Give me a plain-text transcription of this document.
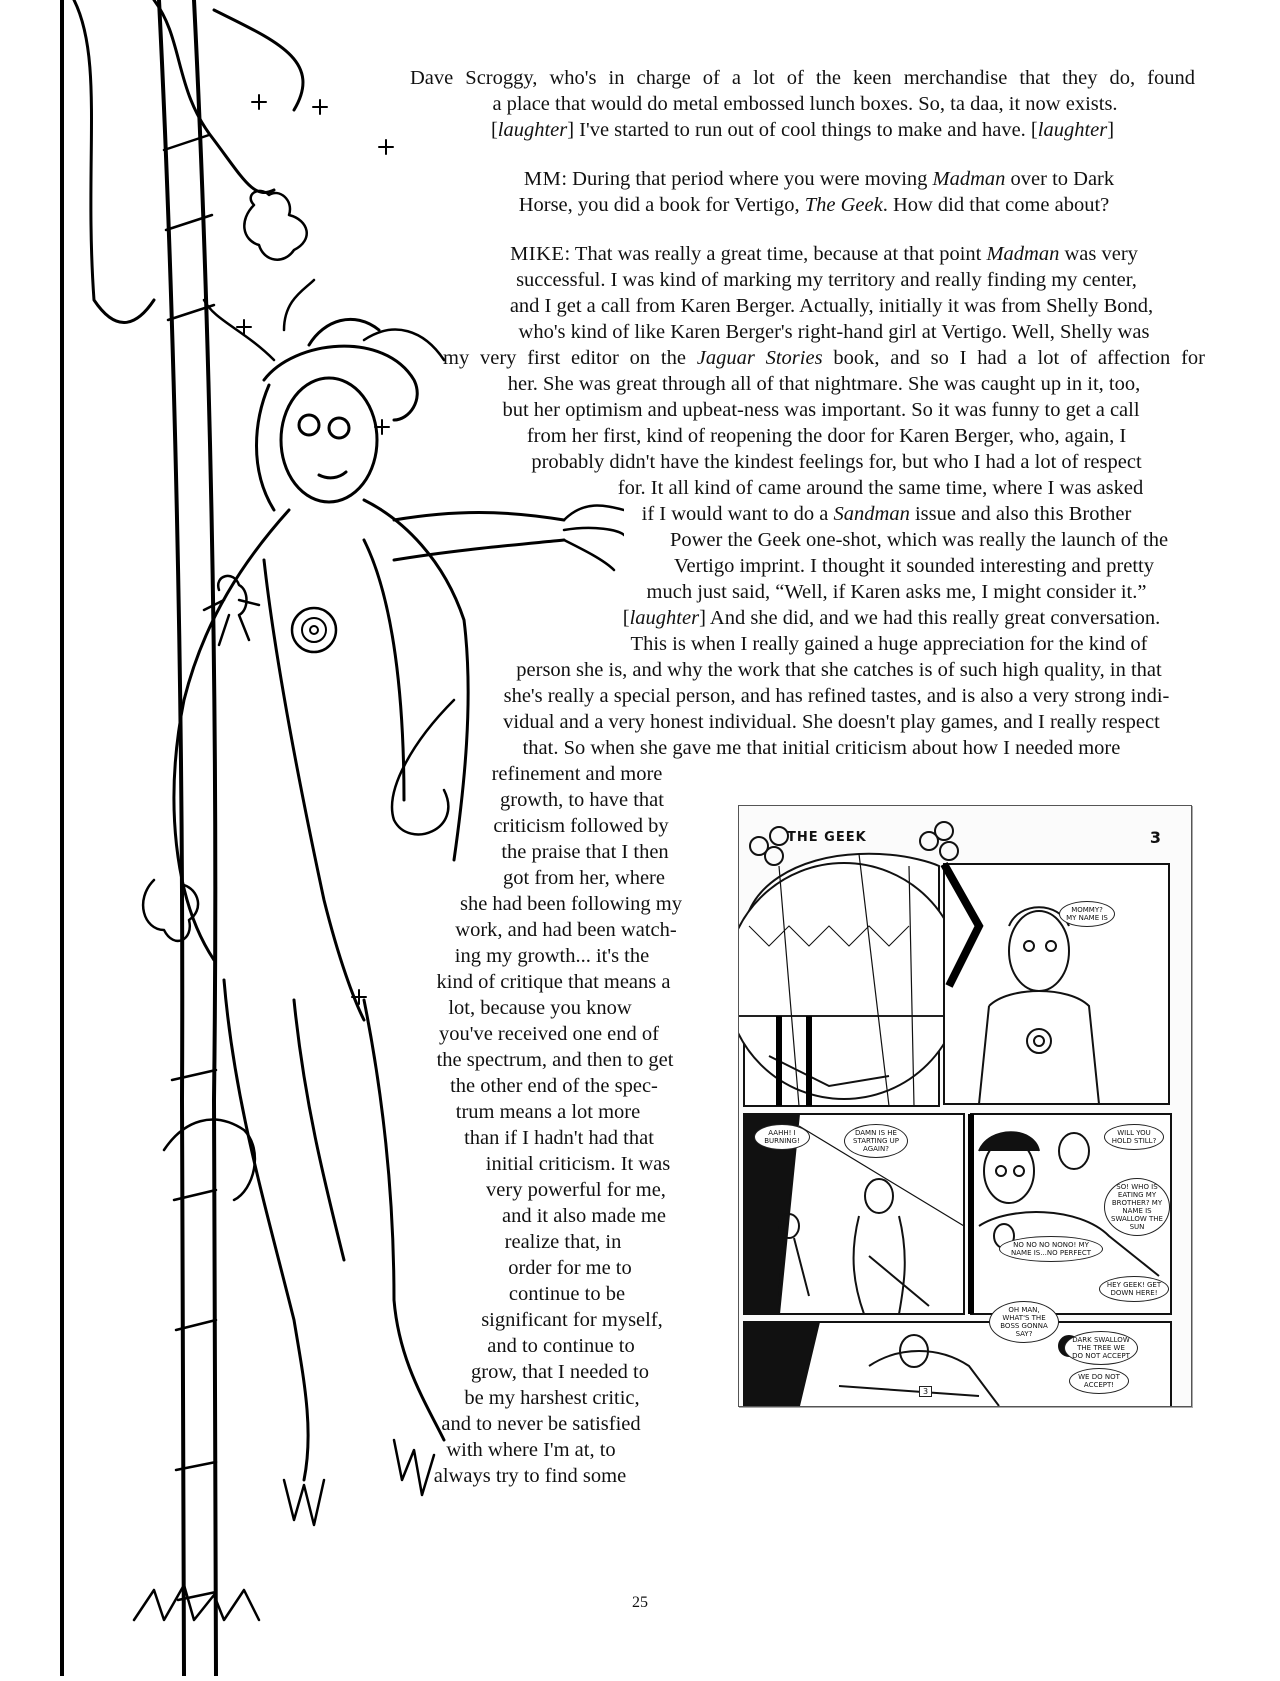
Dave Scroggy, who's in charge of a lot of the keen merchandise that they do, found
a place that would do metal embossed lunch boxes. So, ta daa, it now exists.
[laughter] I've started to run out of cool things to make and have. [laughter]
MM: During that period where you were moving Madman over to Dark
Horse, you did a book for Vertigo, The Geek. How did that come about?
MIKE: That was really a great time, because at that point Madman was very
successful. I was kind of marking my territory and really finding my center,
and I get a call from Karen Berger. Actually, initially it was from Shelly Bond,
who's kind of like Karen Berger's right-hand girl at Vertigo. Well, Shelly was
my very first editor on the Jaguar Stories book, and so I had a lot of affection for
her. She was great through all of that nightmare. She was caught up in it, too,
but her optimism and upbeat-ness was important. So it was funny to get a call
from her first, kind of reopening the door for Karen Berger, who, again, I
probably didn't have the kindest feelings for, but who I had a lot of respect
for. It all kind of came around the same time, where I was asked
if I would want to do a Sandman issue and also this Brother
Power the Geek one-shot, which was really the launch of the
Vertigo imprint. I thought it sounded interesting and pretty
much just said, “Well, if Karen asks me, I might consider it.”
[laughter] And she did, and we had this really great conversation.
This is when I really gained a huge appreciation for the kind of
person she is, and why the work that she catches is of such high quality, in that
she's really a special person, and has refined tastes, and is also a very strong indi-
vidual and a very honest individual. She doesn't play games, and I really respect
that. So when she gave me that initial criticism about how I needed more
refinement and more
growth, to have that
criticism followed by
the praise that I then
got from her, where
she had been following my
work, and had been watch-
ing my growth... it's the
kind of critique that means a
lot, because you know
you've received one end of
the spectrum, and then to get
the other end of the spec-
trum means a lot more
than if I hadn't had that
initial criticism. It was
very powerful for me,
and it also made me
realize that, in
order for me to
continue to be
significant for myself,
and to continue to
grow, that I needed to
be my harshest critic,
and to never be satisfied
with where I'm at, to
always try to find some
THE GEEK	3
MOMMY? MY NAME IS
AAHH! I BURNING!
DAMN IS HE STARTING UP AGAIN?
WILL YOU HOLD STILL?
SO! WHO IS EATING MY BROTHER? MY NAME IS SWALLOW THE SUN
HEY GEEK! GET DOWN HERE!
NO NO NO NONO! MY NAME IS...NO PERFECT
OH MAN, WHAT'S THE BOSS GONNA SAY?
DARK SWALLOW THE TREE WE DO NOT ACCEPT
WE DO NOT ACCEPT!
3
25
